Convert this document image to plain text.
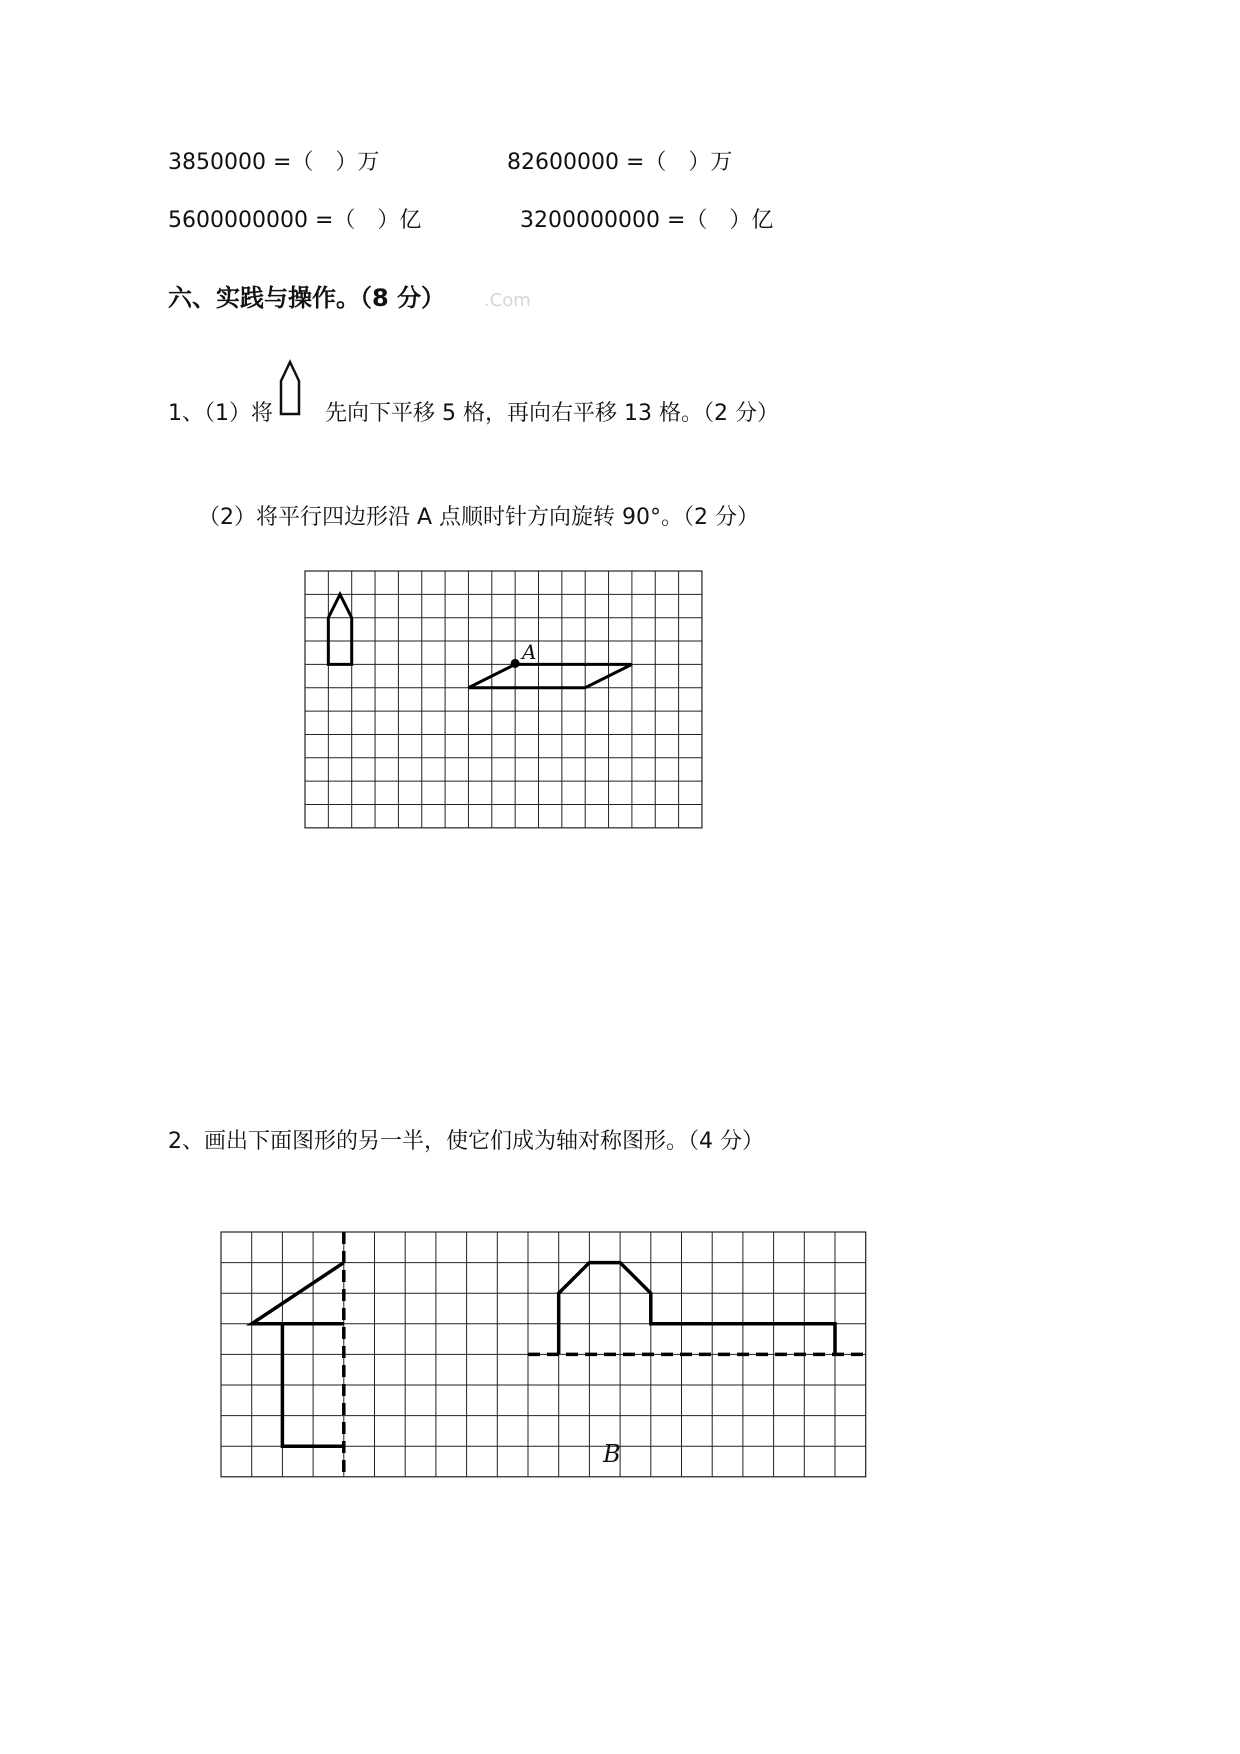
3850000 =（　）万	82600000 =（　）万
5600000000 =（　）亿	3200000000 =（　）亿
六、实践与操作。（8 分） .Com
1、（1）将 先向下平移 5 格，再向右平移 13 格。（2 分）
（2）将平行四边形沿 A 点顺时针方向旋转 90°。（2 分）
2、画出下面图形的另一半，使它们成为轴对称图形。（4 分）
A
B
